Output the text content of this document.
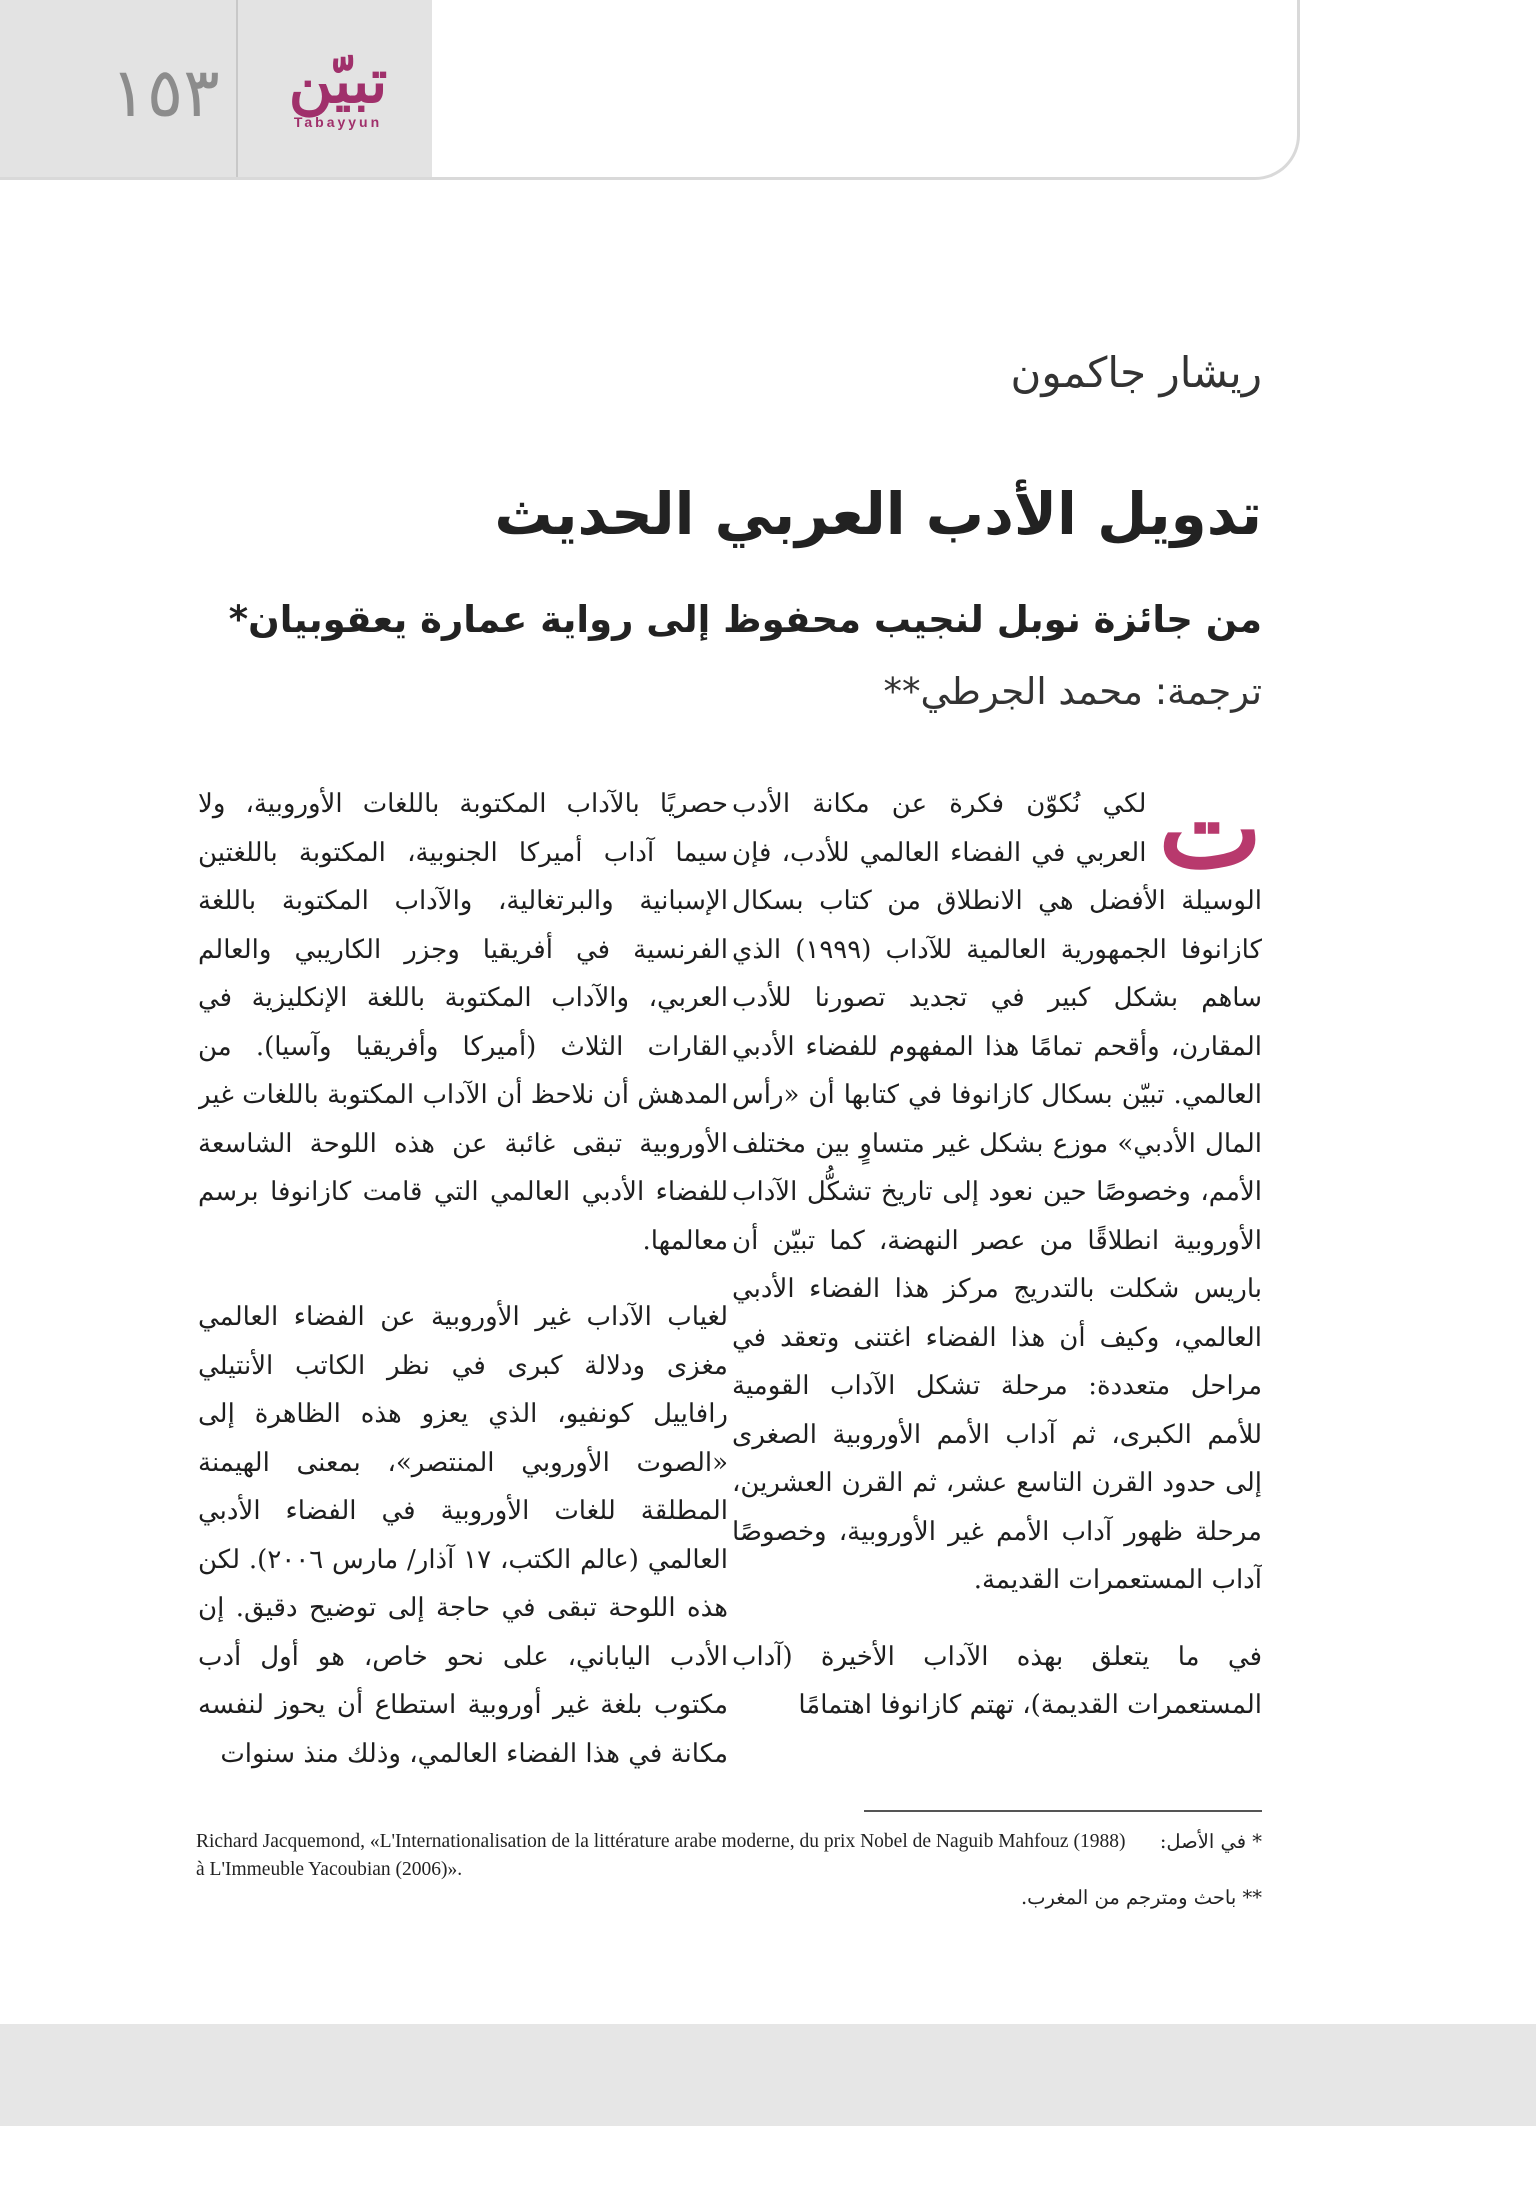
١٥٣	تبيّن
Tabayyun
ريشار جاكمون
تدويل الأدب العربي الحديث
من جائزة نوبل لنجيب محفوظ إلى رواية عمارة يعقوبيان*
ترجمة: محمد الجرطي**

ت
لكي نُكوّن فكرة عن مكانة الأدب العربي في الفضاء العالمي للأدب، فإن الوسيلة الأفضل هي الانطلاق من كتاب بسكال كازانوفا الجمهورية العالمية للآداب (١٩٩٩) الذي ساهم بشكل كبير في تجديد تصورنا للأدب المقارن، وأقحم تمامًا هذا المفهوم للفضاء الأدبي العالمي. تبيّن بسكال كازانوفا في كتابها أن «رأس المال الأدبي» موزع بشكل غير متساوٍ بين مختلف الأمم، وخصوصًا حين نعود إلى تاريخ تشكُّل الآداب الأوروبية انطلاقًا من عصر النهضة، كما تبيّن أن باريس شكلت بالتدريج مركز هذا الفضاء الأدبي العالمي، وكيف أن هذا الفضاء اغتنى وتعقد في مراحل متعددة: مرحلة تشكل الآداب القومية للأمم الكبرى، ثم آداب الأمم الأوروبية الصغرى إلى حدود القرن التاسع عشر، ثم القرن العشرين، مرحلة ظهور آداب الأمم غير الأوروبية، وخصوصًا آداب المستعمرات القديمة.

في ما يتعلق بهذه الآداب الأخيرة (آداب المستعمرات القديمة)، تهتم كازانوفا اهتمامًا

حصريًا بالآداب المكتوبة باللغات الأوروبية، ولا سيما آداب أميركا الجنوبية، المكتوبة باللغتين الإسبانية والبرتغالية، والآداب المكتوبة باللغة الفرنسية في أفريقيا وجزر الكاريبي والعالم العربي، والآداب المكتوبة باللغة الإنكليزية في القارات الثلاث (أميركا وأفريقيا وآسيا). من المدهش أن نلاحظ أن الآداب المكتوبة باللغات غير الأوروبية تبقى غائبة عن هذه اللوحة الشاسعة للفضاء الأدبي العالمي التي قامت كازانوفا برسم معالمها.

لغياب الآداب غير الأوروبية عن الفضاء العالمي مغزى ودلالة كبرى في نظر الكاتب الأنتيلي رافاييل كونفيو، الذي يعزو هذه الظاهرة إلى «الصوت الأوروبي المنتصر»، بمعنى الهيمنة المطلقة للغات الأوروبية في الفضاء الأدبي العالمي (عالم الكتب، ١٧ آذار/ مارس ٢٠٠٦). لكن هذه اللوحة تبقى في حاجة إلى توضيح دقيق. إن الأدب الياباني، على نحو خاص، هو أول أدب مكتوب بلغة غير أوروبية استطاع أن يحوز لنفسه مكانة في هذا الفضاء العالمي، وذلك منذ سنوات

* في الأصل:
Richard Jacquemond, «L'Internationalisation de la littérature arabe moderne, du prix Nobel de Naguib Mahfouz (1988) à L'Immeuble Yacoubian (2006)».
** باحث ومترجم من المغرب.
